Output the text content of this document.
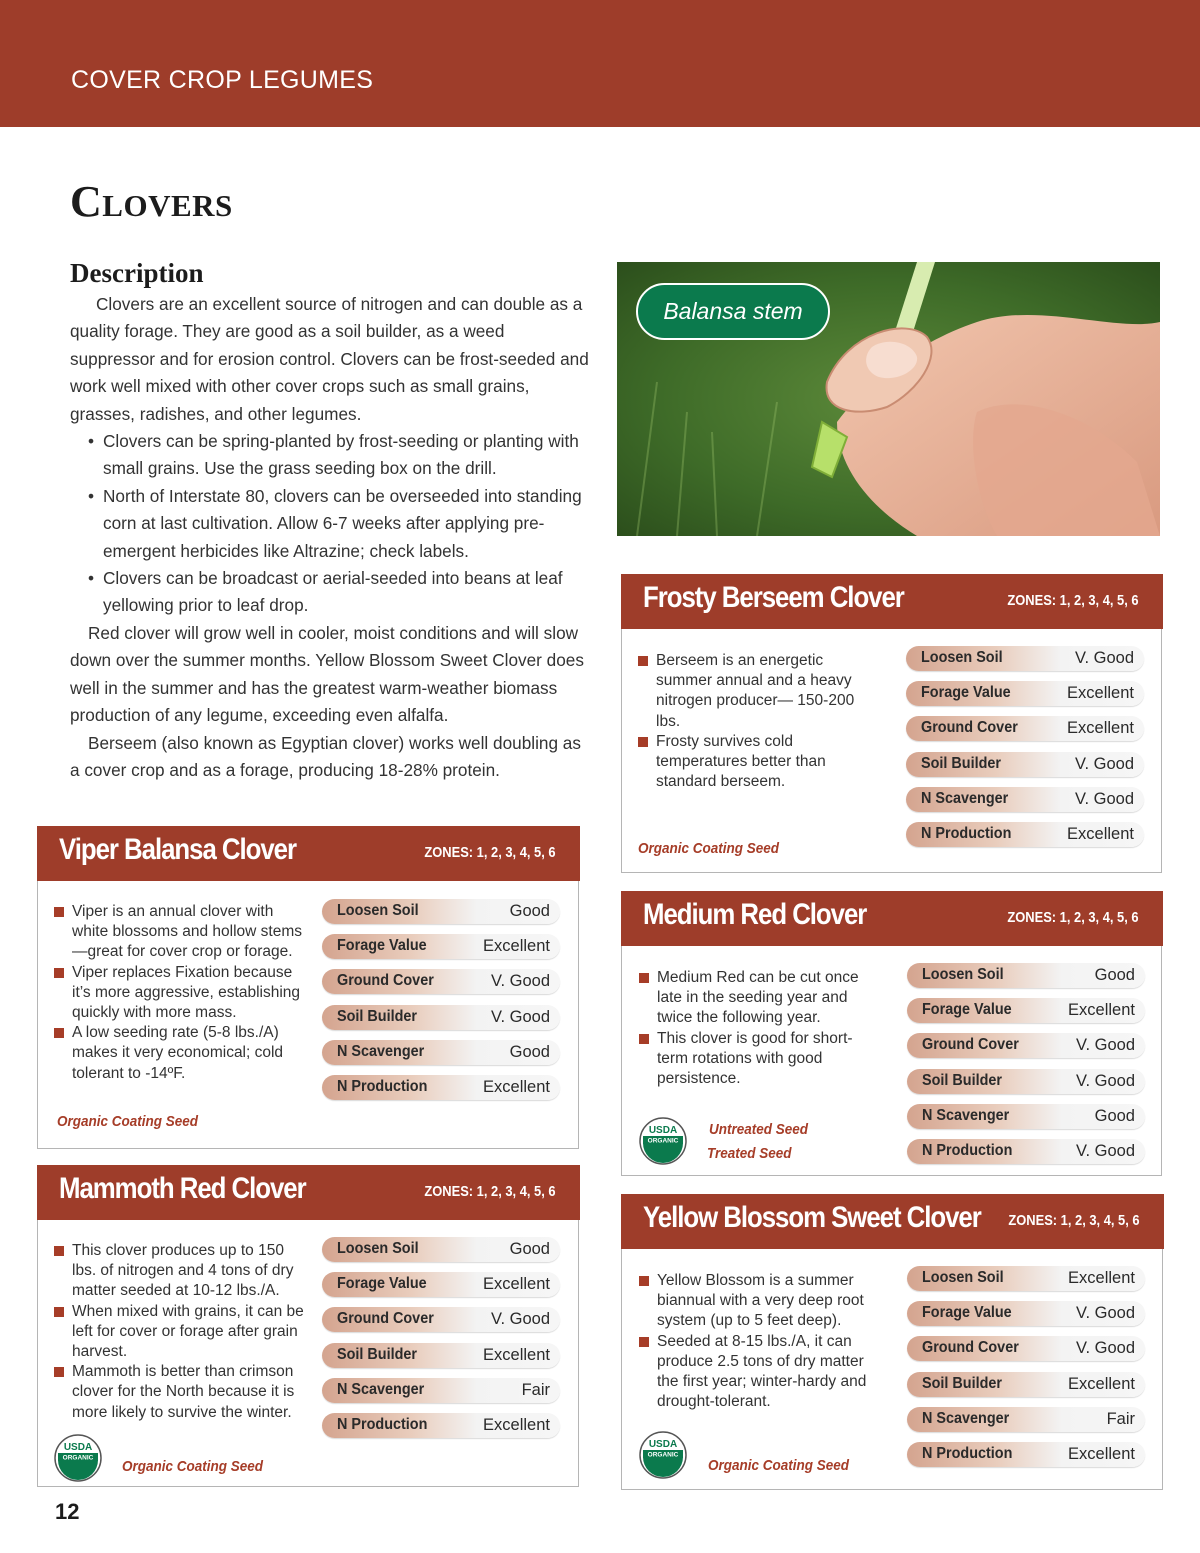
COVER CROP LEGUMES
Clovers
Description

Clovers are an excellent source of nitrogen and can double as a quality forage. They are good as a soil builder, as a weed suppressor and for erosion control. Clovers can be frost-seeded and work well mixed with other cover crops such as small grains, grasses, radishes, and other legumes.

• Clovers can be spring-planted by frost-seeding or planting with small grains. Use the grass seeding box on the drill.
• North of Interstate 80, clovers can be overseeded into standing corn at last cultivation. Allow 6-7 weeks after applying pre-emergent herbicides like Altrazine; check labels.
• Clovers can be broadcast or aerial-seeded into beans at leaf yellowing prior to leaf drop.

Red clover will grow well in cooler, moist conditions and will slow down over the summer months. Yellow Blossom Sweet Clover does well in the summer and has the greatest warm-weather biomass production of any legume, exceeding even alfalfa.

Berseem (also known as Egyptian clover) works well doubling as a cover crop and as a forage, producing 18-28% protein.

Balansa stem
Frosty Berseem Clover	ZONES: 1, 2, 3, 4, 5, 6
Berseem is an energetic summer annual and a heavy nitrogen producer— 150-200 lbs.
Frosty survives cold temperatures better than standard berseem.
Loosen Soil	V. Good
Forage Value	Excellent
Ground Cover	Excellent
Soil Builder	V. Good
N Scavenger	V. Good
N Production	Excellent
Organic Coating Seed
Viper Balansa Clover	ZONES: 1, 2, 3, 4, 5, 6
Viper is an annual clover with white blossoms and hollow stems—great for cover crop or forage.
Viper replaces Fixation because it’s more aggressive, establishing quickly with more mass.
A low seeding rate (5-8 lbs./A) makes it very economical; cold tolerant to -14ºF.
Loosen Soil	Good
Forage Value	Excellent
Ground Cover	V. Good
Soil Builder	V. Good
N Scavenger	Good
N Production	Excellent
Organic Coating Seed
Medium Red Clover	ZONES: 1, 2, 3, 4, 5, 6
Medium Red can be cut once late in the seeding year and twice the following year.
This clover is good for short-term rotations with good persistence.
Loosen Soil	Good
Forage Value	Excellent
Ground Cover	V. Good
Soil Builder	V. Good
N Scavenger	Good
N Production	V. Good
USDA
ORGANIC
Untreated Seed
Treated Seed
Mammoth Red Clover	ZONES: 1, 2, 3, 4, 5, 6
This clover produces up to 150 lbs. of nitrogen and 4 tons of dry matter seeded at 10-12 lbs./A.
When mixed with grains, it can be left for cover or forage after grain harvest.
Mammoth is better than crimson clover for the North because it is more likely to survive the winter.
Loosen Soil	Good
Forage Value	Excellent
Ground Cover	V. Good
Soil Builder	Excellent
N Scavenger	Fair
N Production	Excellent
USDA
ORGANIC Organic Coating Seed
Yellow Blossom Sweet Clover ZONES: 1, 2, 3, 4, 5, 6
Yellow Blossom is a summer biannual with a very deep root system (up to 5 feet deep).
Seeded at 8-15 lbs./A, it can produce 2.5 tons of dry matter the first year; winter-hardy and drought-tolerant.
Loosen Soil	Excellent
Forage Value	V. Good
Ground Cover	V. Good
Soil Builder	Excellent
N Scavenger	Fair
N Production	Excellent
USDA
ORGANIC
Organic Coating Seed
12
